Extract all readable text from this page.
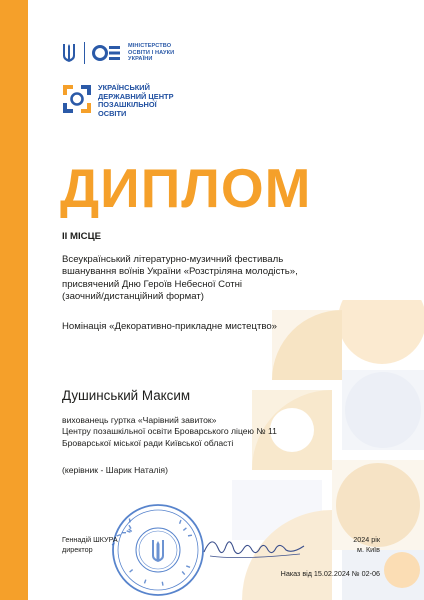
МІНІСТЕРСТВО
ОСВІТИ І НАУКИ
УКРАЇНИ
УКРАЇНСЬКИЙ
ДЕРЖАВНИЙ ЦЕНТР
ПОЗАШКІЛЬНОЇ
ОСВІТИ
ДИПЛОМ
ІІ МІСЦЕ
Всеукраїнський літературно-музичний фестиваль
вшанування воїнів України «Розстріляна молодість»,
присвячений Дню Героїв Небесної Сотні
(заочний/дистанційний формат)
Номінація «Декоративно-прикладне мистецтво»
Душинський Максим
вихованець гуртка «Чарівний завиток»
Центру позашкільної освіти Броварського ліцею № 11
Броварської міської ради Київської області
(керівник - Шарик Наталія)
Геннадій ШКУРА
директор
2024 рік
м. Київ
Наказ від 15.02.2024 № 02-06
